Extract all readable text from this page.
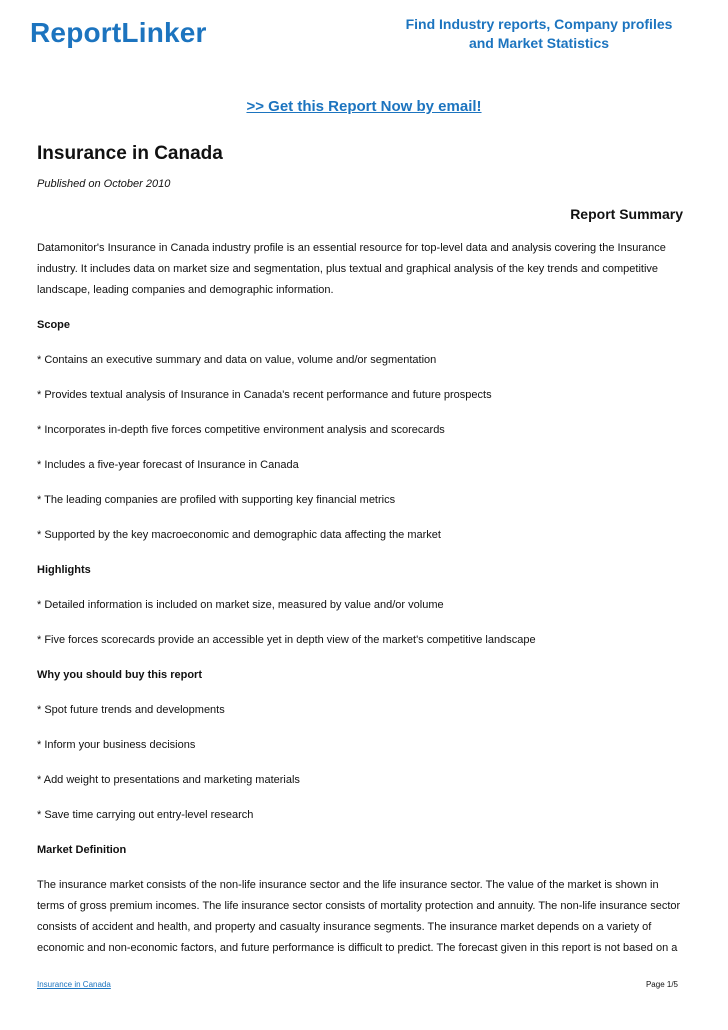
ReportLinker	Find Industry reports, Company profiles
and Market Statistics
>> Get this Report Now by email!
Insurance in Canada
Published on October 2010
Report Summary

Datamonitor's Insurance in Canada industry profile is an essential resource for top-level data and analysis covering the Insurance industry. It includes data on market size and segmentation, plus textual and graphical analysis of the key trends and competitive landscape, leading companies and demographic information.

Scope

* Contains an executive summary and data on value, volume and/or segmentation

* Provides textual analysis of Insurance in Canada's recent performance and future prospects

* Incorporates in-depth five forces competitive environment analysis and scorecards

* Includes a five-year forecast of Insurance in Canada

* The leading companies are profiled with supporting key financial metrics

* Supported by the key macroeconomic and demographic data affecting the market

Highlights

* Detailed information is included on market size, measured by value and/or volume

* Five forces scorecards provide an accessible yet in depth view of the market's competitive landscape

Why you should buy this report

* Spot future trends and developments

* Inform your business decisions

* Add weight to presentations and marketing materials

* Save time carrying out entry-level research

Market Definition

The insurance market consists of the non-life insurance sector and the life insurance sector. The value of the market is shown in terms of gross premium incomes. The life insurance sector consists of mortality protection and annuity. The non-life insurance sector consists of accident and health, and property and casualty insurance segments. The insurance market depends on a variety of economic and non-economic factors, and future performance is difficult to predict. The forecast given in this report is not based on a

Insurance in Canada	Page 1/5
